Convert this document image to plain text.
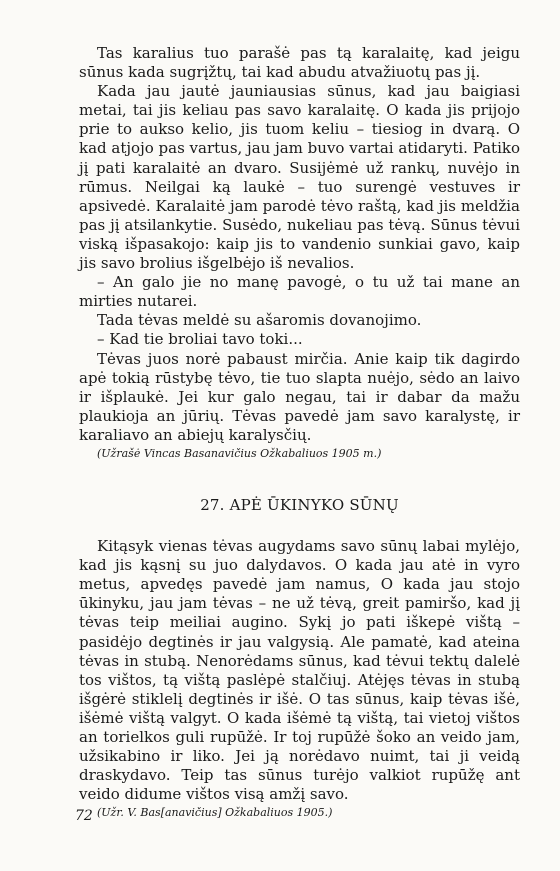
Tas karalius tuo parašė pas tą karalaitę, kad jeigu sūnus kada sugrįžtų, tai kad abudu atvažiuotų pas jį.

Kada jau jautė jauniausias sūnus, kad jau baigiasi metai, tai jis keliau pas savo karalaitę. O kada jis prijojo prie to aukso kelio, jis tuom keliu – tiesiog in dvarą. O kad atjojo pas vartus, jau jam buvo vartai atidaryti. Patiko jį pati karalaitė an dvaro. Susijėmė už rankų, nuvėjo in rūmus. Neilgai ką laukė – tuo surengė vestuves ir apsivedė. Karalaitė jam parodė tėvo raštą, kad jis meldžia pas jį atsilankytie. Susėdo, nukeliau pas tėvą. Sūnus tėvui viską išpasakojo: kaip jis to vandenio sunkiai gavo, kaip jis savo brolius išgelbėjo iš nevalios.

– An galo jie no manę pavogė, o tu už tai mane an mirties nutarei.

Tada tėvas meldė su ašaromis dovanojimo.

– Kad tie broliai tavo toki...

Tėvas juos norė pabaust mirčia. Anie kaip tik dagirdo apė tokią rūstybę tėvo, tie tuo slapta nuėjo, sėdo an laivo ir išplaukė. Jei kur galo negau, tai ir dabar da mažu plaukioja an jūrių. Tėvas pavedė jam savo karalystę, ir karaliavo an abiejų karalysčių.

(Užrašė Vincas Basanavičius Ožkabaliuos 1905 m.)

27. APĖ ŪKINYKO SŪNŲ

Kitąsyk vienas tėvas augydams savo sūnų labai mylėjo, kad jis kąsnį su juo dalydavos. O kada jau atė in vyro metus, apvedęs pavedė jam namus, O kada jau stojo ūkinyku, jau jam tėvas – ne už tėvą, greit pamiršo, kad jį tėvas teip meiliai augino. Sykį jo pati iškepė vištą – pasidėjo degtinės ir jau valgysią. Ale pamatė, kad ateina tėvas in stubą. Nenorėdams sūnus, kad tėvui tektų dalelė tos vištos, tą vištą paslėpė stalčiuj. Atėjęs tėvas in stubą išgėrė stiklelį degtinės ir išė. O tas sūnus, kaip tėvas išė, išėmė vištą valgyt. O kada išėmė tą vištą, tai vietoj vištos an torielkos guli rupūžė. Ir toj rupūžė šoko an veido jam, užsikabino ir liko. Jei ją norėdavo nuimt, tai ji veidą draskydavo. Teip tas sūnus turėjo valkiot rupūžę ant veido didume vištos visą amžį savo.

(Užr. V. Bas[anavičius] Ožkabaliuos 1905.)

72
